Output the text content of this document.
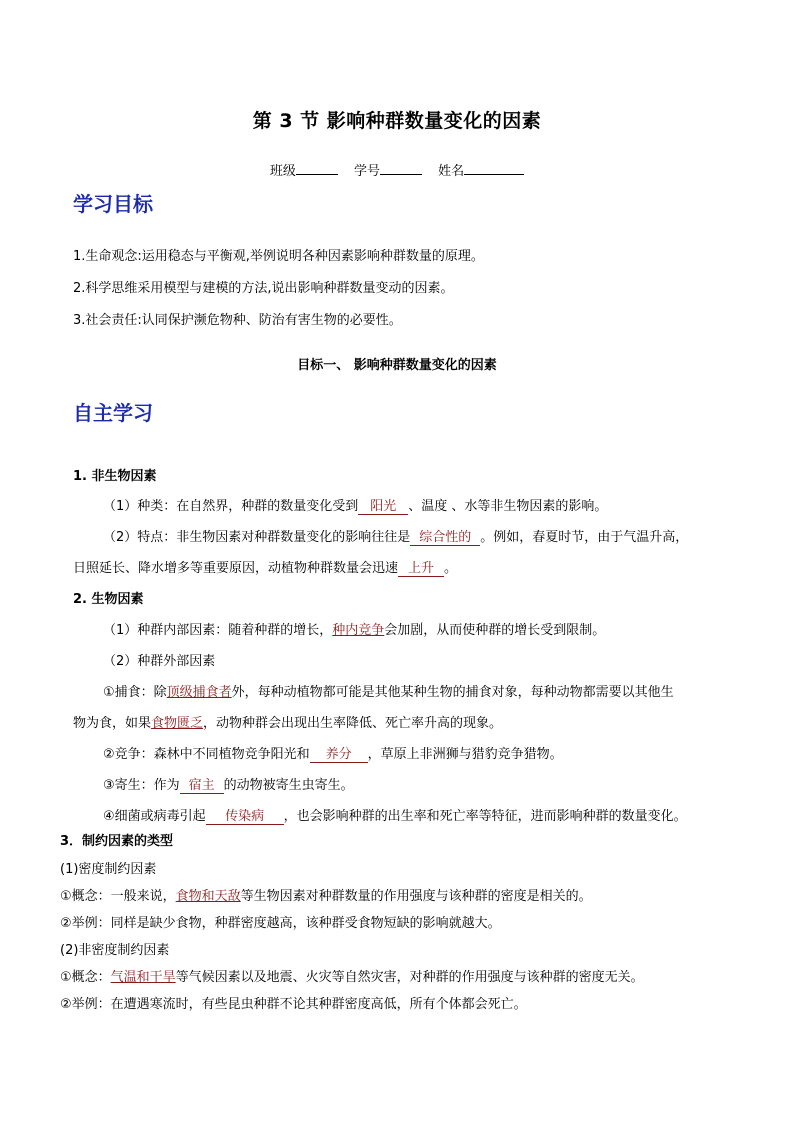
第 3 节 影响种群数量变化的因素
班级	学号	姓名
学习目标
1.生命观念:运用稳态与平衡观,举例说明各种因素影响种群数量的原理。
2.科学思维采用模型与建模的方法,说出影响种群数量变动的因素。
3.社会责任:认同保护濒危物种、防治有害生物的必要性。
目标一、 影响种群数量变化的因素
自主学习
1. 非生物因素
（1）种类：在自然界，种群的数量变化受到 阳光 、温度 、水等非生物因素的影响。
（2）特点：非生物因素对种群数量变化的影响往往是 综合性的 。例如，春夏时节，由于气温升高，
日照延长、降水增多等重要原因，动植物种群数量会迅速 上升 。
2. 生物因素
（1）种群内部因素：随着种群的增长，种内竞争会加剧，从而使种群的增长受到限制。
（2）种群外部因素
①捕食：除顶级捕食者外，每种动植物都可能是其他某种生物的捕食对象，每种动物都需要以其他生
物为食，如果食物匮乏，动物种群会出现出生率降低、死亡率升高的现象。
②竞争：森林中不同植物竞争阳光和 养分 ，草原上非洲狮与猎豹竞争猎物。
③寄生：作为 宿主 的动物被寄生虫寄生。
④细菌或病毒引起 传染病 ，也会影响种群的出生率和死亡率等特征，进而影响种群的数量变化。
3．制约因素的类型
(1)密度制约因素
①概念：一般来说，食物和天敌等生物因素对种群数量的作用强度与该种群的密度是相关的。
②举例：同样是缺少食物，种群密度越高，该种群受食物短缺的影响就越大。
(2)非密度制约因素
①概念：气温和干旱等气候因素以及地震、火灾等自然灾害，对种群的作用强度与该种群的密度无关。
②举例：在遭遇寒流时，有些昆虫种群不论其种群密度高低，所有个体都会死亡。
